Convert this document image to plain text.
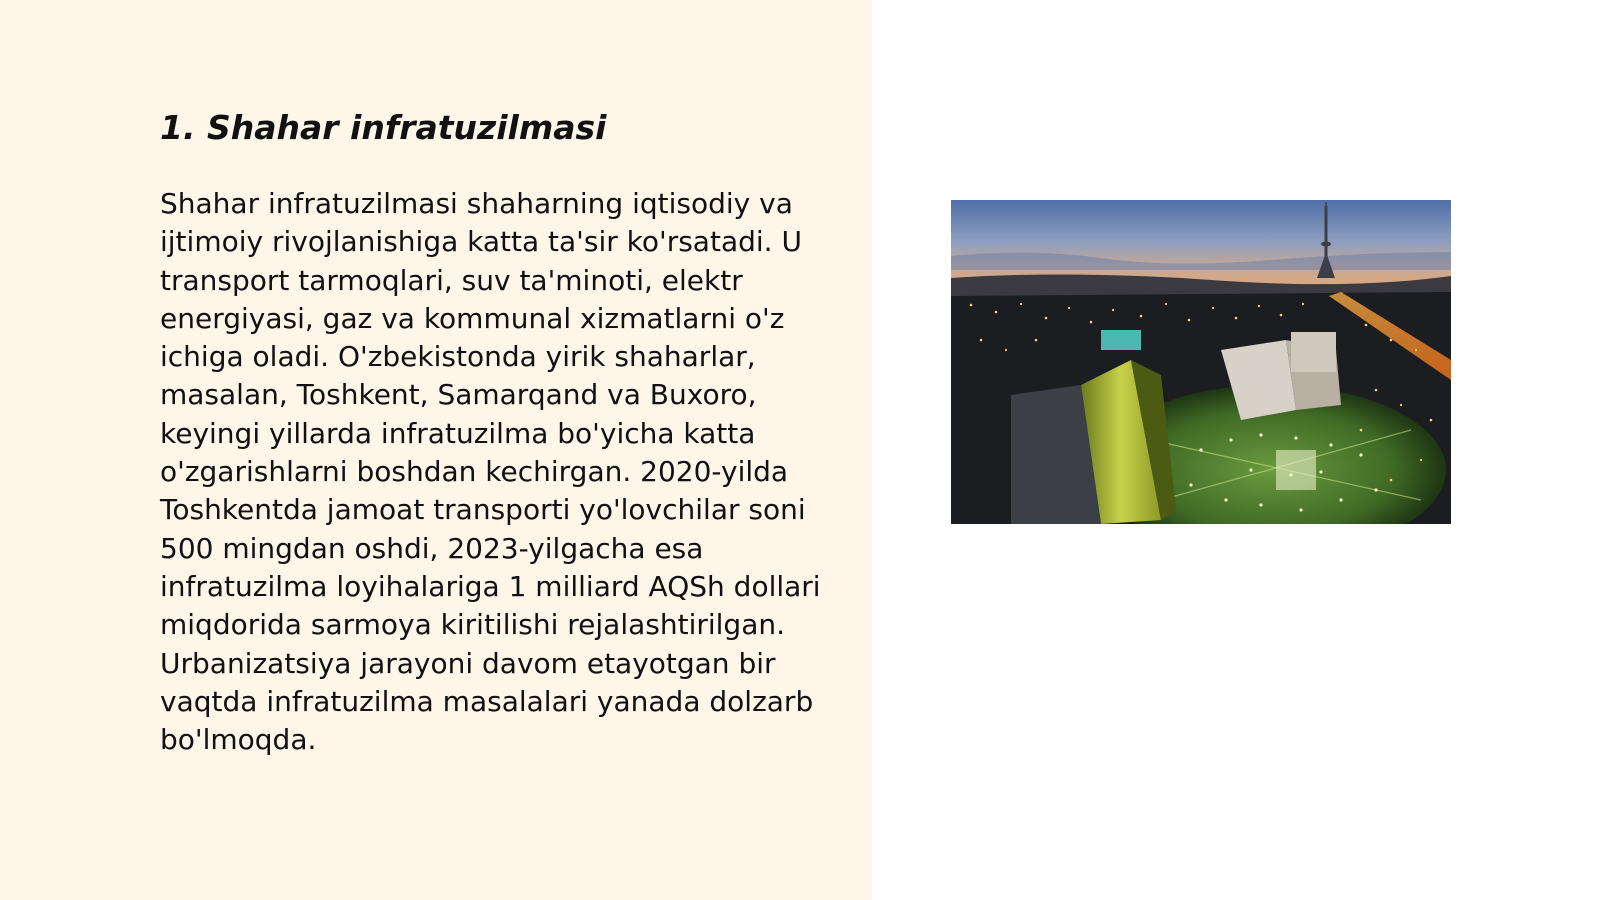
1. Shahar infratuzilmasi

Shahar infratuzilmasi shaharning iqtisodiy va ijtimoiy rivojlanishiga katta ta'sir ko'rsatadi. U transport tarmoqlari, suv ta'minoti, elektr energiyasi, gaz va kommunal xizmatlarni o'z ichiga oladi. O'zbekistonda yirik shaharlar, masalan, Toshkent, Samarqand va Buxoro, keyingi yillarda infratuzilma bo'yicha katta o'zgarishlarni boshdan kechirgan. 2020-yilda Toshkentda jamoat transporti yo'lovchilar soni 500 mingdan oshdi, 2023-yilgacha esa infratuzilma loyihalariga 1 milliard AQSh dollari miqdorida sarmoya kiritilishi rejalashtirilgan. Urbanizatsiya jarayoni davom etayotgan bir vaqtda infratuzilma masalalari yanada dolzarb bo'lmoqda.
